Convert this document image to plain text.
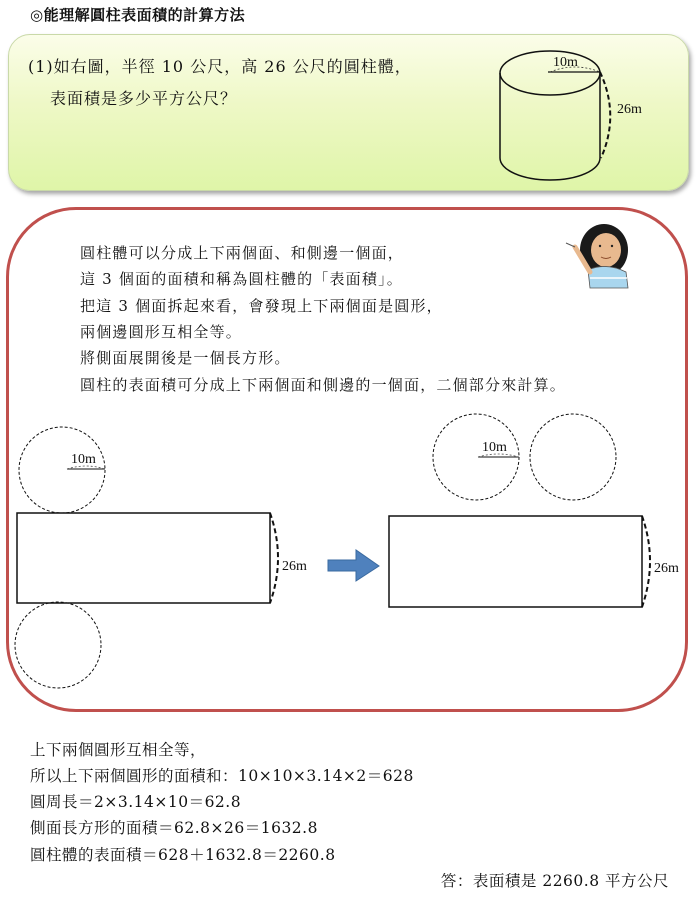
◎能理解圓柱表面積的計算方法
(1)如右圖，半徑 10 公尺，高 26 公尺的圓柱體，
表面積是多少平方公尺？
10m
26m
圓柱體可以分成上下兩個面、和側邊一個面，
這 3 個面的面積和稱為圓柱體的「表面積」。
把這 3 個面拆起來看，會發現上下兩個面是圓形，
兩個邊圓形互相全等。
將側面展開後是一個長方形。
圓柱的表面積可分成上下兩個面和側邊的一個面，二個部分來計算。
10m
26m
10m
26m
上下兩個圓形互相全等，
所以上下兩個圓形的面積和：10×10×3.14×2＝628
圓周長＝2×3.14×10＝62.8
側面長方形的面積＝62.8×26＝1632.8
圓柱體的表面積＝628＋1632.8＝2260.8
答：表面積是 2260.8 平方公尺
